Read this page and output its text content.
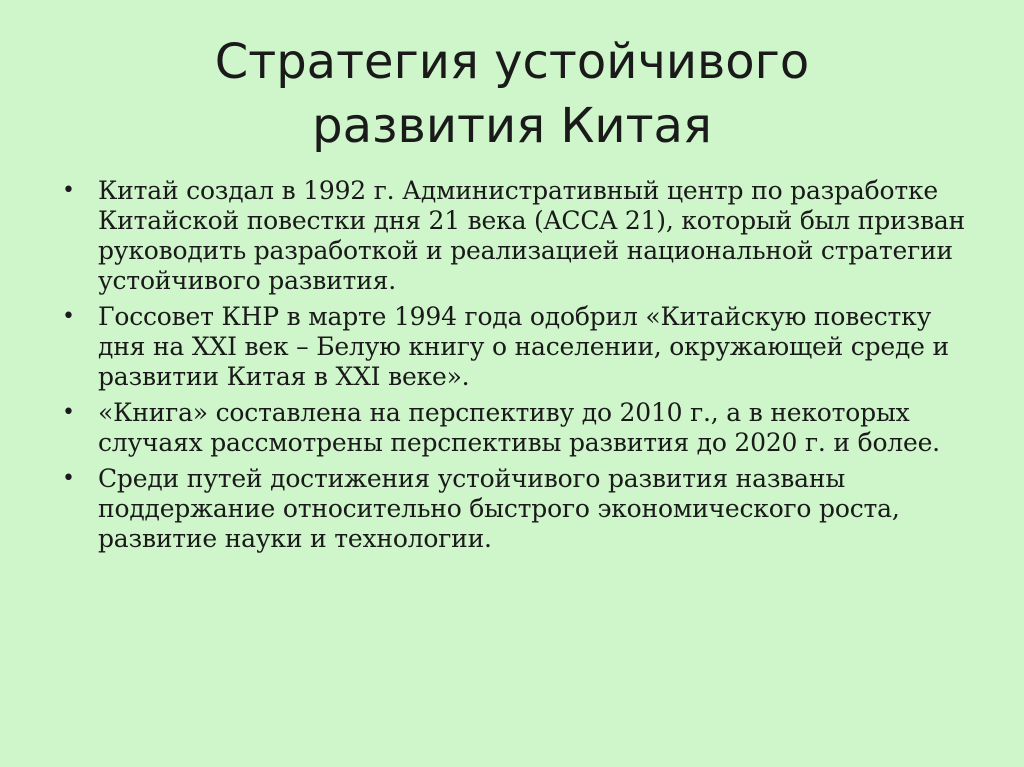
Стратегия устойчивого
развития Китая
• Китай создал в 1992 г. Административный центр по разработке Китайской повестки дня 21 века (ACCA 21), который был призван руководить разработкой и реализацией национальной стратегии устойчивого развития.
• Госсовет КНР в марте 1994 года одобрил «Китайскую повестку дня на XXI век – Белую книгу о населении, окружающей среде и развитии Китая в XXI веке».
• «Книга» составлена на перспективу до 2010 г., а в некоторых случаях рассмотрены перспективы развития до 2020 г. и более.
• Среди путей достижения устойчивого развития названы поддержание относительно быстрого экономического роста, развитие науки и технологии.
